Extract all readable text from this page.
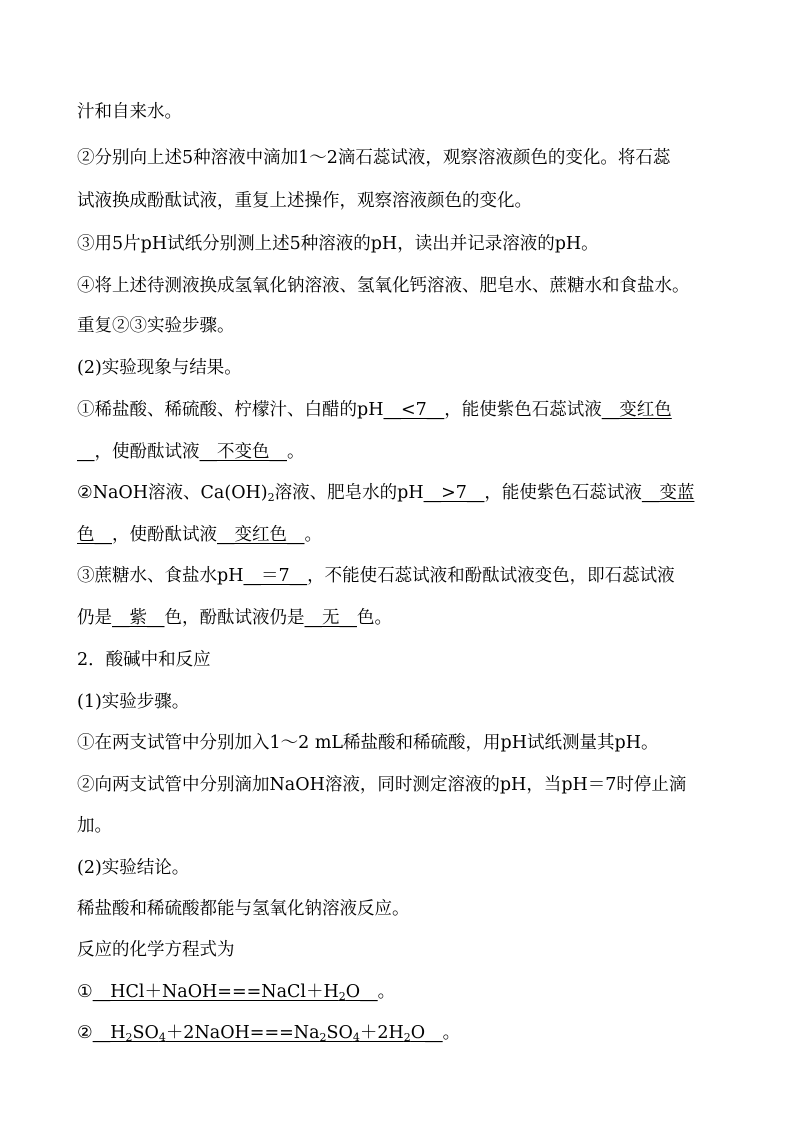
汁和自来水。
②分别向上述5种溶液中滴加1～2滴石蕊试液，观察溶液颜色的变化。将石蕊
试液换成酚酞试液，重复上述操作，观察溶液颜色的变化。
③用5片pH试纸分别测上述5种溶液的pH，读出并记录溶液的pH。
④将上述待测液换成氢氧化钠溶液、氢氧化钙溶液、肥皂水、蔗糖水和食盐水。
重复②③实验步骤。
(2)实验现象与结果。
①稀盐酸、稀硫酸、柠檬汁、白醋的pH__<7__，能使紫色石蕊试液__变红色
__，使酚酞试液__不变色__。
②NaOH溶液、$Ca(OH)_2$溶液、肥皂水的pH__>7__，能使紫色石蕊试液__变蓝
色__，使酚酞试液__变红色__。
③蔗糖水、食盐水pH__＝7__，不能使石蕊试液和酚酞试液变色，即石蕊试液
仍是__紫__色，酚酞试液仍是__无__色。
2．酸碱中和反应
(1)实验步骤。
①在两支试管中分别加入1～2 mL稀盐酸和稀硫酸，用pH试纸测量其pH。
②向两支试管中分别滴加NaOH溶液，同时测定溶液的pH，当pH＝7时停止滴
加。
(2)实验结论。
稀盐酸和稀硫酸都能与氢氧化钠溶液反应。
反应的化学方程式为
$①\_\_HCl+NaOH===NaCl+H_2O\_\_$。
$②\_\_H_2SO_4+2NaOH===Na_2SO_4+2H_2O\_\_$。
